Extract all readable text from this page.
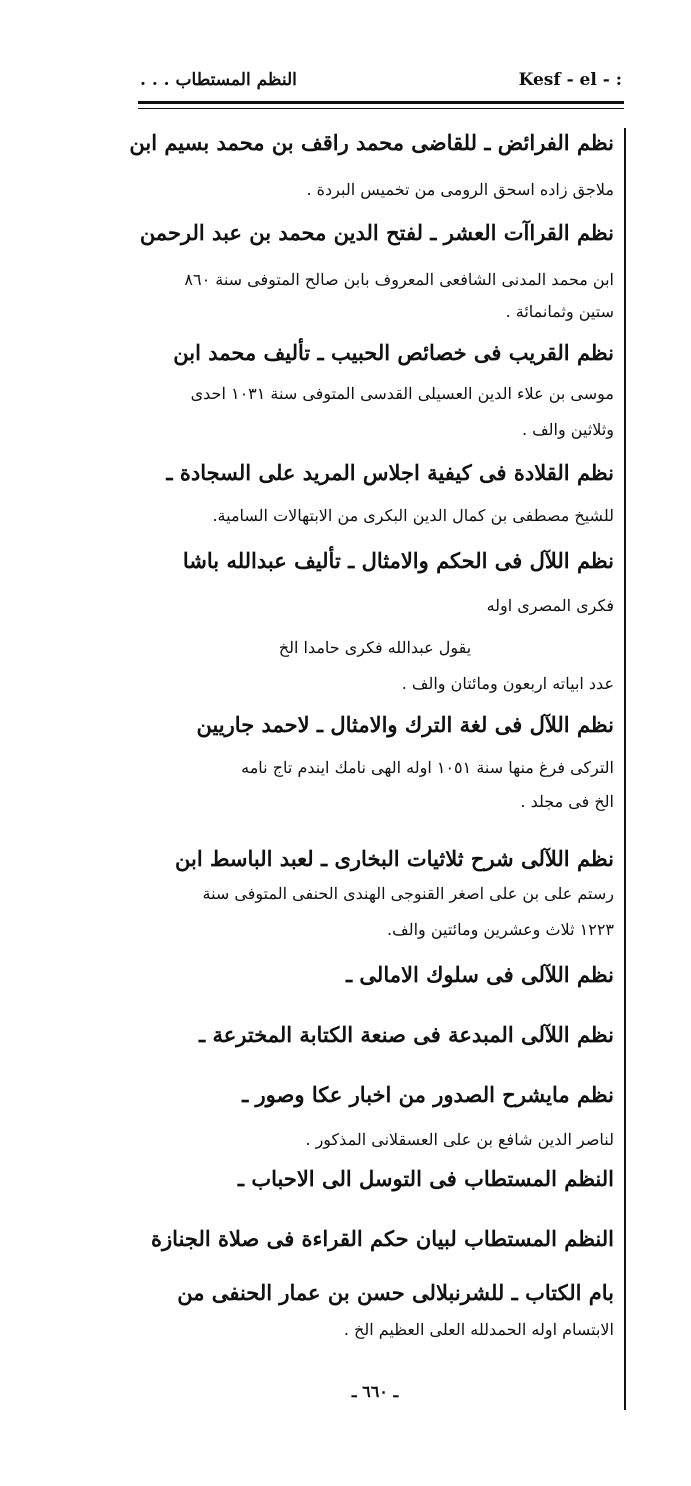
النظم المستطاب . . .	Kesf - el - :
نظم الفرائض ـ للقاضى محمد راقف بن محمد بسيم ابن
ملاجق زاده اسحق الرومى من تخميس البردة .
نظم القراآت العشر ـ لفتح الدين محمد بن عبد الرحمن
ابن محمد المدنى الشافعى المعروف بابن صالح المتوفى سنة ٨٦٠
ستين وثمانمائة .
نظم القريب فى خصائص الحبيب ـ تأليف محمد ابن
موسى بن علاء الدين العسيلى القدسى المتوفى سنة ١٠٣١ احدى
وثلاثين والف .
نظم القلادة فى كيفية اجلاس المريد على السجادة ـ
للشيخ مصطفى بن كمال الدين البكرى من الابتهالات السامية.
نظم اللآل فى الحكم والامثال ـ تأليف عبدالله باشا
فكرى المصرى اوله
يقول عبدالله فكرى حامدا الخ
عدد ابياته اربعون ومائتان والف .
نظم اللآل فى لغة الترك والامثال ـ لاحمد جاريين
التركى فرغ منها سنة ١٠٥١ اوله الهى نامك ايندم تاج نامه
الخ فى مجلد .
نظم اللآلى شرح ثلاثيات البخارى ـ لعبد الباسط ابن
رستم على بن على اصغر القنوجى الهندى الحنفى المتوفى سنة
١٢٢٣ ثلاث وعشرين ومائتين والف.
نظم اللآلى فى سلوك الامالى ـ
نظم اللآلى المبدعة فى صنعة الكتابة المخترعة ـ
نظم مايشرح الصدور من اخبار عكا وصور ـ
لناصر الدين شافع بن على العسقلانى المذكور .
النظم المستطاب فى التوسل الى الاحباب ـ
النظم المستطاب لبيان حكم القراءة فى صلاة الجنازة
بام الكتاب ـ للشرنبلالى حسن بن عمار الحنفى من
الابتسام اوله الحمدلله العلى العظيم الخ .
ـ ٦٦٠ ـ
